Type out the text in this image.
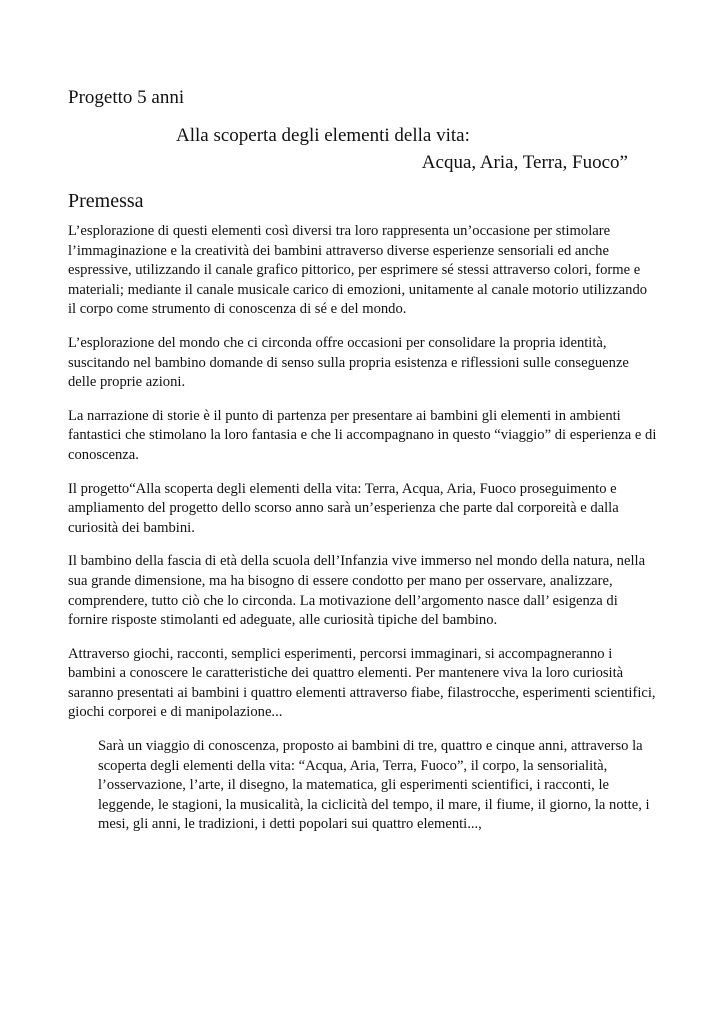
Progetto 5 anni
Alla scoperta degli elementi della vita:
Acqua, Aria, Terra, Fuoco”
Premessa

L’esplorazione di questi elementi così diversi tra loro rappresenta un’occasione per stimolare l’immaginazione e la creatività dei bambini attraverso diverse esperienze sensoriali ed anche espressive, utilizzando il canale grafico pittorico, per esprimere sé stessi attraverso colori, forme e materiali; mediante il canale musicale carico di emozioni, unitamente al canale motorio utilizzando il corpo come strumento di conoscenza di sé e del mondo.

L’esplorazione del mondo che ci circonda offre occasioni per consolidare la propria identità, suscitando nel bambino domande di senso sulla propria esistenza e riflessioni sulle conseguenze delle proprie azioni.

La narrazione di storie è il punto di partenza per presentare ai bambini gli elementi in ambienti fantastici che stimolano la loro fantasia e che li accompagnano in questo “viaggio” di esperienza e di conoscenza.

Il progetto“Alla scoperta degli elementi della vita: Terra, Acqua, Aria, Fuoco proseguimento e ampliamento del progetto dello scorso anno sarà un’esperienza che parte dal corporeità e dalla curiosità dei bambini.

Il bambino della fascia di età della scuola dell’Infanzia vive immerso nel mondo della natura, nella sua grande dimensione, ma ha bisogno di essere condotto per mano per osservare, analizzare, comprendere, tutto ciò che lo circonda. La motivazione dell’argomento nasce dall’ esigenza di fornire risposte stimolanti ed adeguate, alle curiosità tipiche del bambino.

Attraverso giochi, racconti, semplici esperimenti, percorsi immaginari, si accompagneranno i bambini a conoscere le caratteristiche dei quattro elementi. Per mantenere viva la loro curiosità saranno presentati ai bambini i quattro elementi attraverso fiabe, filastrocche, esperimenti scientifici, giochi corporei e di manipolazione...

Sarà un viaggio di conoscenza, proposto ai bambini di tre, quattro e cinque anni, attraverso la scoperta degli elementi della vita: “Acqua, Aria, Terra, Fuoco”, il corpo, la sensorialità, l’osservazione, l’arte, il disegno, la matematica, gli esperimenti scientifici, i racconti, le leggende, le stagioni, la musicalità, la ciclicità del tempo, il mare, il fiume, il giorno, la notte, i mesi, gli anni, le tradizioni, i detti popolari sui quattro elementi...,
